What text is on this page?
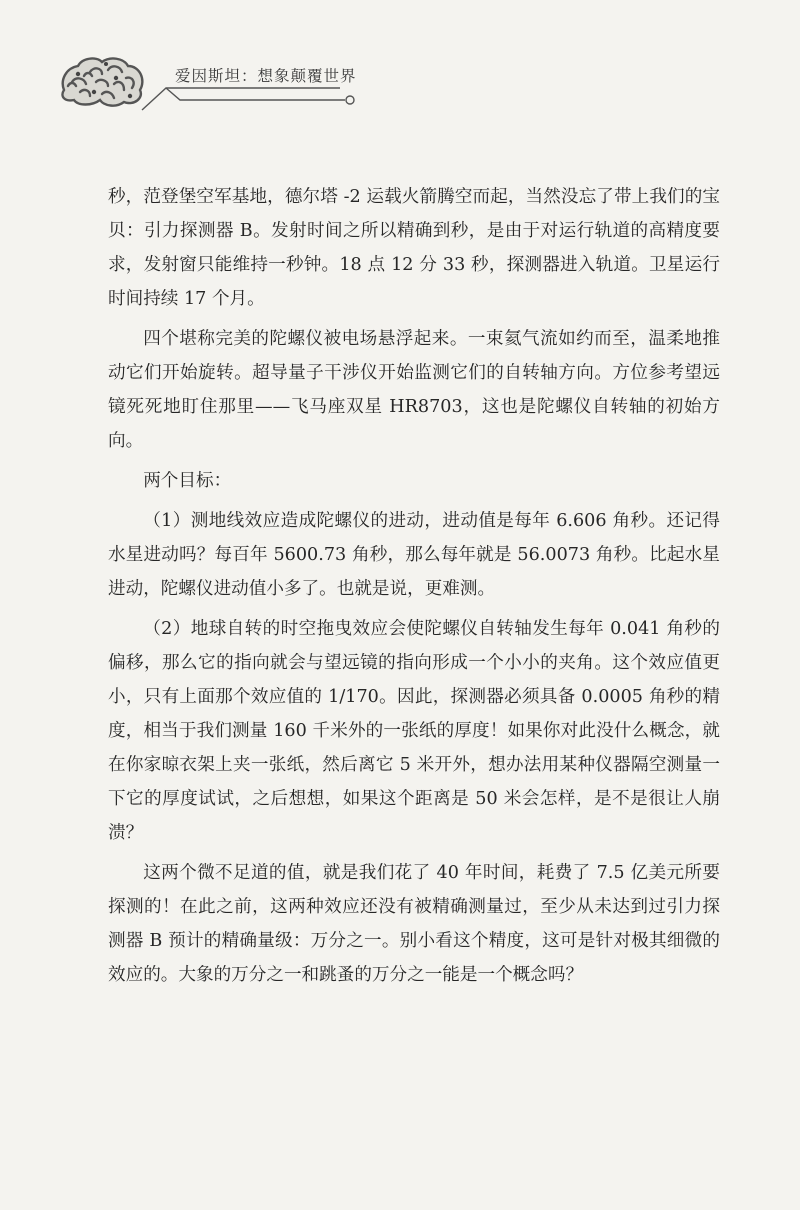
爱因斯坦：想象颠覆世界

秒，范登堡空军基地，德尔塔 -2 运载火箭腾空而起，当然没忘了带上我们的宝贝：引力探测器 B。发射时间之所以精确到秒，是由于对运行轨道的高精度要求，发射窗只能维持一秒钟。18 点 12 分 33 秒，探测器进入轨道。卫星运行时间持续 17 个月。

四个堪称完美的陀螺仪被电场悬浮起来。一束氦气流如约而至，温柔地推动它们开始旋转。超导量子干涉仪开始监测它们的自转轴方向。方位参考望远镜死死地盯住那里——飞马座双星 HR8703，这也是陀螺仪自转轴的初始方向。

两个目标：

（1）测地线效应造成陀螺仪的进动，进动值是每年 6.606 角秒。还记得水星进动吗？每百年 5600.73 角秒，那么每年就是 56.0073 角秒。比起水星进动，陀螺仪进动值小多了。也就是说，更难测。

（2）地球自转的时空拖曳效应会使陀螺仪自转轴发生每年 0.041 角秒的偏移，那么它的指向就会与望远镜的指向形成一个小小的夹角。这个效应值更小，只有上面那个效应值的 1/170。因此，探测器必须具备 0.0005 角秒的精度，相当于我们测量 160 千米外的一张纸的厚度！如果你对此没什么概念，就在你家晾衣架上夹一张纸，然后离它 5 米开外，想办法用某种仪器隔空测量一下它的厚度试试，之后想想，如果这个距离是 50 米会怎样，是不是很让人崩溃？

这两个微不足道的值，就是我们花了 40 年时间，耗费了 7.5 亿美元所要探测的！在此之前，这两种效应还没有被精确测量过，至少从未达到过引力探测器 B 预计的精确量级：万分之一。别小看这个精度，这可是针对极其细微的效应的。大象的万分之一和跳蚤的万分之一能是一个概念吗？
